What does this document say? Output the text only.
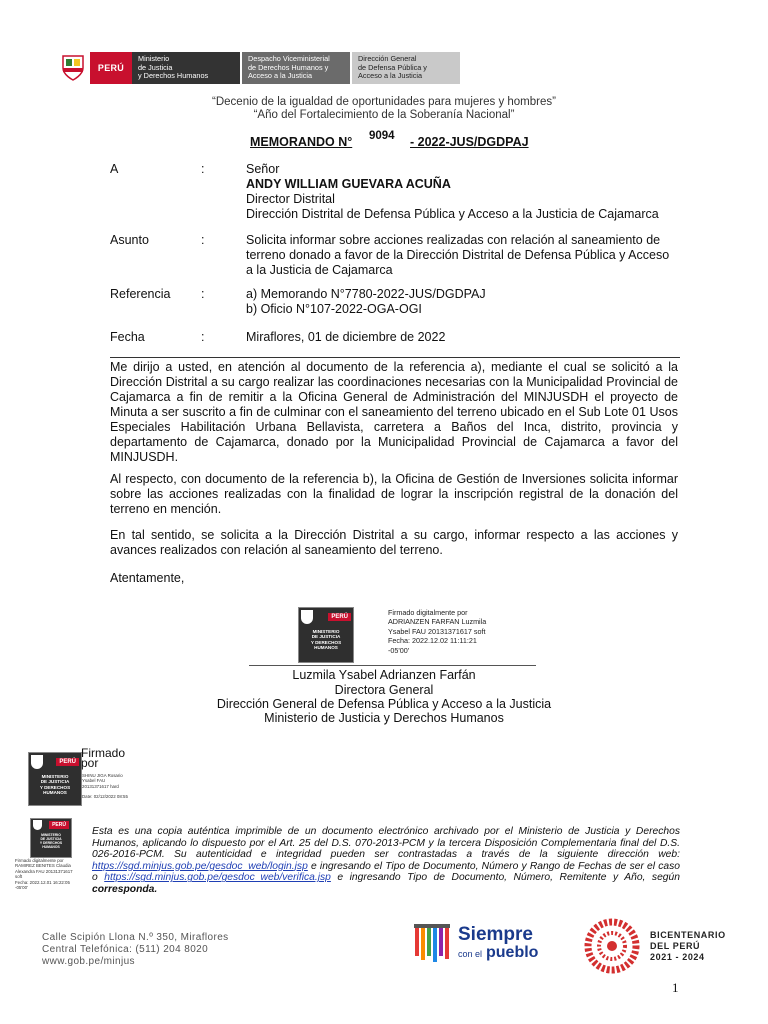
PERÚ
Ministerio
de Justicia
y Derechos Humanos
Despacho Viceministerial
de Derechos Humanos y
Acceso a la Justicia
Dirección General
de Defensa Pública y
Acceso a la Justicia
“Decenio de la igualdad de oportunidades para mujeres y hombres”
“Año del Fortalecimiento de la Soberanía Nacional”
MEMORANDO N° 9094 - 2022-JUS/DGDPAJ
A	:	Señor
ANDY WILLIAM GUEVARA ACUÑA
Director Distrital
Dirección Distrital de Defensa Pública y Acceso a la Justicia de Cajamarca
Asunto	:	Solicita informar sobre acciones realizadas con relación al saneamiento de
terreno donado a favor de la Dirección Distrital de Defensa Pública y Acceso
a la Justicia de Cajamarca
Referencia :	a) Memorando N°7780-2022-JUS/DGDPAJ
b) Oficio N°107-2022-OGA-OGI
Fecha	:	Miraflores, 01 de diciembre de 2022
Me dirijo a usted, en atención al documento de la referencia a), mediante el cual se solicitó a la Dirección Distrital a su cargo realizar las coordinaciones necesarias con la Municipalidad Provincial de Cajamarca a fin de remitir a la Oficina General de Administración del MINJUSDH el proyecto de Minuta a ser suscrito a fin de culminar con el saneamiento del terreno ubicado en el Sub Lote 01 Usos Especiales Habilitación Urbana Bellavista, carretera a Baños del Inca, distrito, provincia y departamento de Cajamarca, donado por la Municipalidad Provincial de Cajamarca a favor del MINJUSDH.
Al respecto, con documento de la referencia b), la Oficina de Gestión de Inversiones solicita informar sobre las acciones realizadas con la finalidad de lograr la inscripción registral de la donación del terreno en mención.
En tal sentido, se solicita a la Dirección Distrital a su cargo, informar respecto a las acciones y avances realizados con relación al saneamiento del terreno.
Atentamente,
PERÚ
MINISTERIO
DE JUSTICIA
Y DERECHOS
HUMANOS
Firmado digitalmente por
ADRIANZEN FARFAN Luzmila
Ysabel FAU 20131371617 soft
Fecha: 2022.12.02 11:11:21
-05'00'
Luzmila Ysabel Adrianzen Farfán
Directora General
Dirección General de Defensa Pública y Acceso a la Justicia
Ministerio de Justicia y Derechos Humanos
PERÚ
MINISTERIO
DE JUSTICIA
Y DERECHOS
HUMANOS
Firmado
por
SHINU JIGA Rosario
Ysabel FAU
20131371617 hard
Date: 02/12/2022 08:55
PERÚ
MINISTERIO
DE JUSTICIA
Y DERECHOS
HUMANOS
Firmado digitalmente por
RAMIREZ BENITES Claudia
Alexandra FAU 20131371617
soft
Fecha: 2022.12.01 16:22:05
-05'00'
Esta es una copia auténtica imprimible de un documento electrónico archivado por el Ministerio de Justicia y Derechos Humanos, aplicando lo dispuesto por el Art. 25 del D.S. 070-2013-PCM y la tercera Disposición Complementaria final del D.S. 026-2016-PCM. Su autenticidad e integridad pueden ser contrastadas a través de la siguiente dirección web: https://sgd.minjus.gob.pe/gesdoc_web/login.jsp e ingresando el Tipo de Documento, Número y Rango de Fechas de ser el caso o https://sgd.minjus.gob.pe/gesdoc_web/verifica.jsp e ingresando Tipo de Documento, Número, Remitente y Año, según corresponda.
Calle Scipión Llona N.º 350, Miraflores
Central Telefónica: (511) 204 8020
www.gob.pe/minjus
Siempre
con el pueblo
BICENTENARIO
DEL PERÚ
2021 - 2024
1
